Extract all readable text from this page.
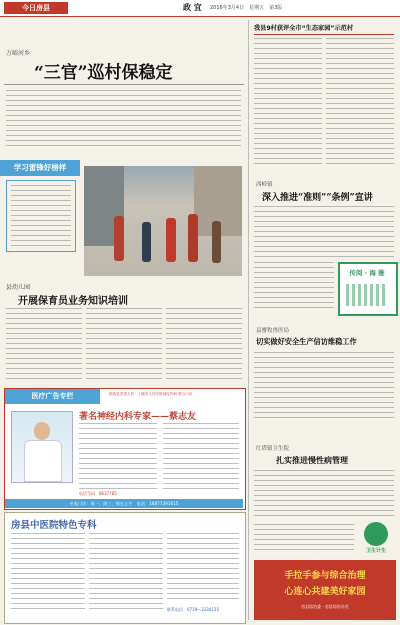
今日房县	2016年3月4日　星期五　第3版
政 宜
万峪河乡
“三官”巡村保稳定
学习雷锋好榜样
县幼儿园
开展保育员业务知识培训
医疗广告专栏	郧西县香香人民 · 十堰市人民医院神经内科 联合门诊
著名神经内科专家——蔡志友
电话号码：8637785
专家门诊：周一、周三、周五上午　电话：16877291615
房县中医院特色专科
联系电话：0719—3234125
我县9村获评全市“生态家园”示范村
西岭镇
深入推进“准则”“条例”宣讲
传阅 · 海 雅
县畜牧兽医局
切实做好安全生产信访维稳工作
红塔镇卫生院
扎实推进慢性病管理
卫生计生
手拉手参与综合治理
心连心共建美好家园
房县综治委 · 房县综治办宣
